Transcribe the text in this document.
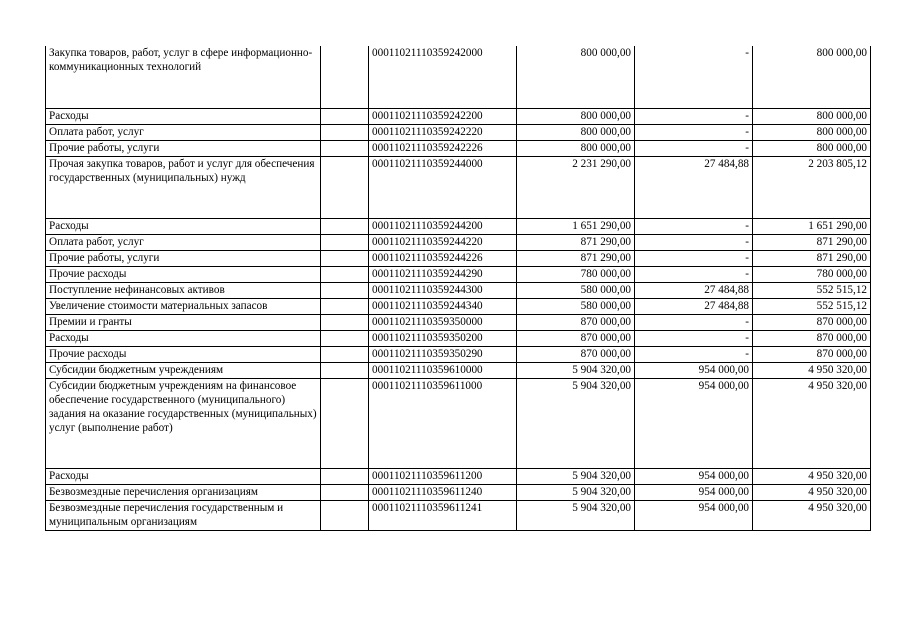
Закупка товаров, работ, услуг в сфере информационно-коммуникационных технологий		00011021110359242000	800 000,00	-	800 000,00
Расходы		00011021110359242200	800 000,00	-	800 000,00
Оплата работ, услуг		00011021110359242220	800 000,00	-	800 000,00
Прочие работы, услуги		00011021110359242226	800 000,00	-	800 000,00
Прочая закупка товаров, работ и услуг для обеспечения государственных (муниципальных) нужд		00011021110359244000	2 231 290,00	27 484,88	2 203 805,12
Расходы		00011021110359244200	1 651 290,00	-	1 651 290,00
Оплата работ, услуг		00011021110359244220	871 290,00	-	871 290,00
Прочие работы, услуги		00011021110359244226	871 290,00	-	871 290,00
Прочие расходы		00011021110359244290	780 000,00	-	780 000,00
Поступление нефинансовых активов		00011021110359244300	580 000,00	27 484,88	552 515,12
Увеличение стоимости материальных запасов		00011021110359244340	580 000,00	27 484,88	552 515,12
Премии и гранты		00011021110359350000	870 000,00	-	870 000,00
Расходы		00011021110359350200	870 000,00	-	870 000,00
Прочие расходы		00011021110359350290	870 000,00	-	870 000,00
Субсидии бюджетным учреждениям		00011021110359610000	5 904 320,00	954 000,00	4 950 320,00
Субсидии бюджетным учреждениям на финансовое обеспечение государственного (муниципального) задания на оказание государственных (муниципальных) услуг (выполнение работ)		00011021110359611000	5 904 320,00	954 000,00	4 950 320,00
Расходы		00011021110359611200	5 904 320,00	954 000,00	4 950 320,00
Безвозмездные перечисления организациям		00011021110359611240	5 904 320,00	954 000,00	4 950 320,00
Безвозмездные перечисления государственным и муниципальным организациям		00011021110359611241	5 904 320,00	954 000,00	4 950 320,00
